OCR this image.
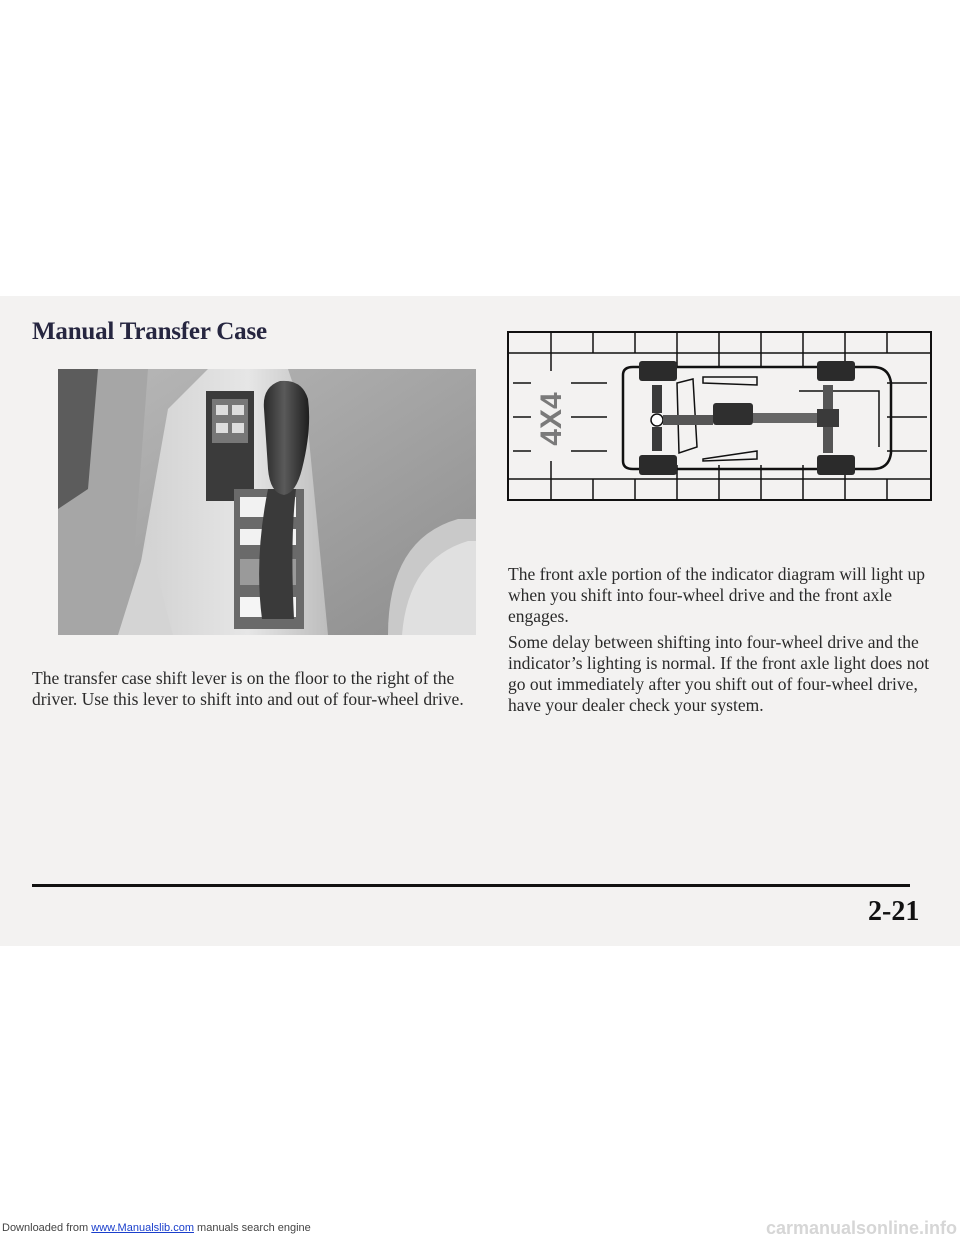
Manual Transfer Case
4X4

The transfer case shift lever is on the floor to the right of the driver. Use this lever to shift into and out of four-wheel drive.

The front axle portion of the indicator diagram will light up when you shift into four-wheel drive and the front axle engages.

Some delay between shifting into four-wheel drive and the indicator’s lighting is normal. If the front axle light does not go out immediately after you shift out of four-wheel drive, have your dealer check your system.

2-21
Downloaded from www.Manualslib.com manuals search engine	carmanualsonline.info
